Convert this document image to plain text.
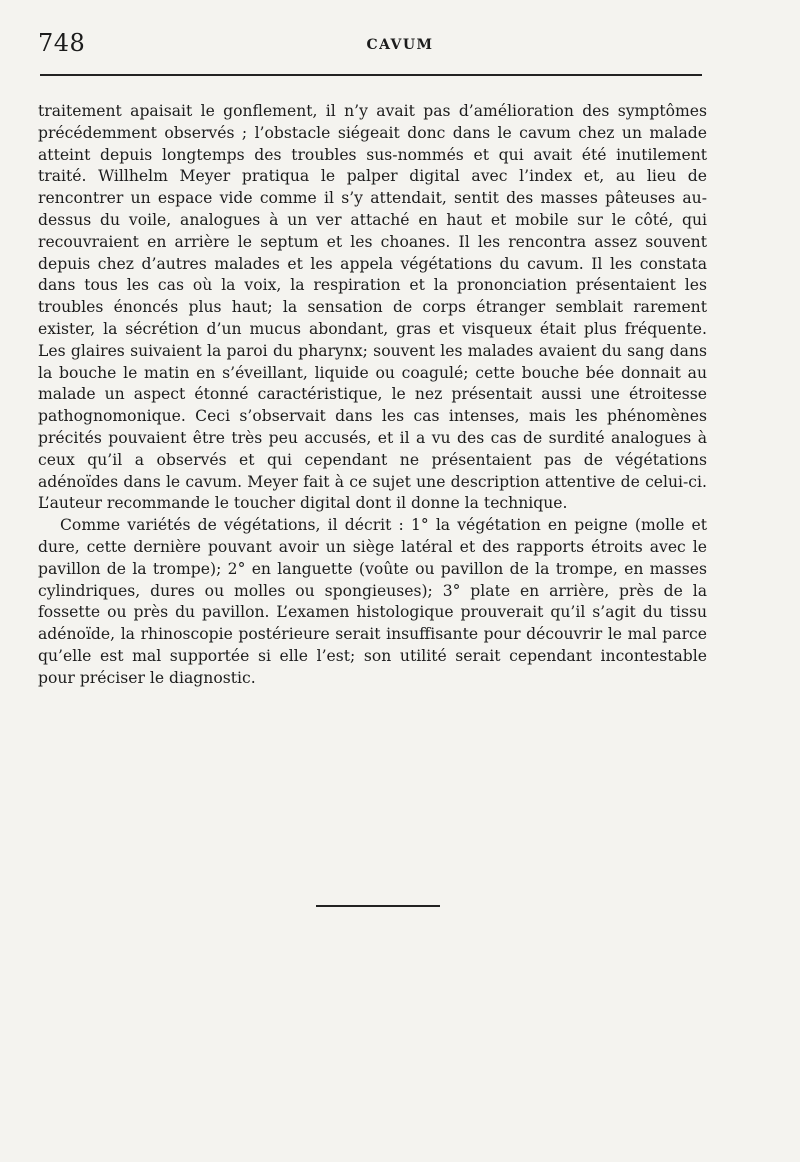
748	CAVUM

traitement apaisait le gonflement, il n’y avait pas d’amélioration des symptômes précédemment observés ; l’obstacle siégeait donc dans le cavum chez un malade atteint depuis longtemps des troubles sus-nommés et qui avait été inutilement traité. Willhelm Meyer pratiqua le palper digital avec l’index et, au lieu de rencontrer un espace vide comme il s’y attendait, sentit des masses pâteuses au-dessus du voile, analogues à un ver attaché en haut et mobile sur le côté, qui recouvraient en arrière le septum et les choanes. Il les rencontra assez souvent depuis chez d’autres malades et les appela végétations du cavum. Il les constata dans tous les cas où la voix, la respiration et la prononciation présentaient les troubles énoncés plus haut; la sensation de corps étranger semblait rarement exister, la sécrétion d’un mucus abondant, gras et visqueux était plus fréquente. Les glaires suivaient la paroi du pharynx; souvent les malades avaient du sang dans la bouche le matin en s’éveillant, liquide ou coagulé; cette bouche bée donnait au malade un aspect étonné caractéristique, le nez présentait aussi une étroitesse pathognomonique. Ceci s’observait dans les cas intenses, mais les phénomènes précités pouvaient être très peu accusés, et il a vu des cas de surdité analogues à ceux qu’il a observés et qui cependant ne présentaient pas de végétations adénoïdes dans le cavum. Meyer fait à ce sujet une description attentive de celui-ci. L’auteur recommande le toucher digital dont il donne la technique.

Comme variétés de végétations, il décrit : 1° la végétation en peigne (molle et dure, cette dernière pouvant avoir un siège latéral et des rapports étroits avec le pavillon de la trompe); 2° en languette (voûte ou pavillon de la trompe, en masses cylindriques, dures ou molles ou spongieuses); 3° plate en arrière, près de la fossette ou près du pavillon. L’examen histologique prouverait qu’il s’agit du tissu adénoïde, la rhinoscopie postérieure serait insuffisante pour découvrir le mal parce qu’elle est mal supportée si elle l’est; son utilité serait cependant incontestable pour préciser le diagnostic.
